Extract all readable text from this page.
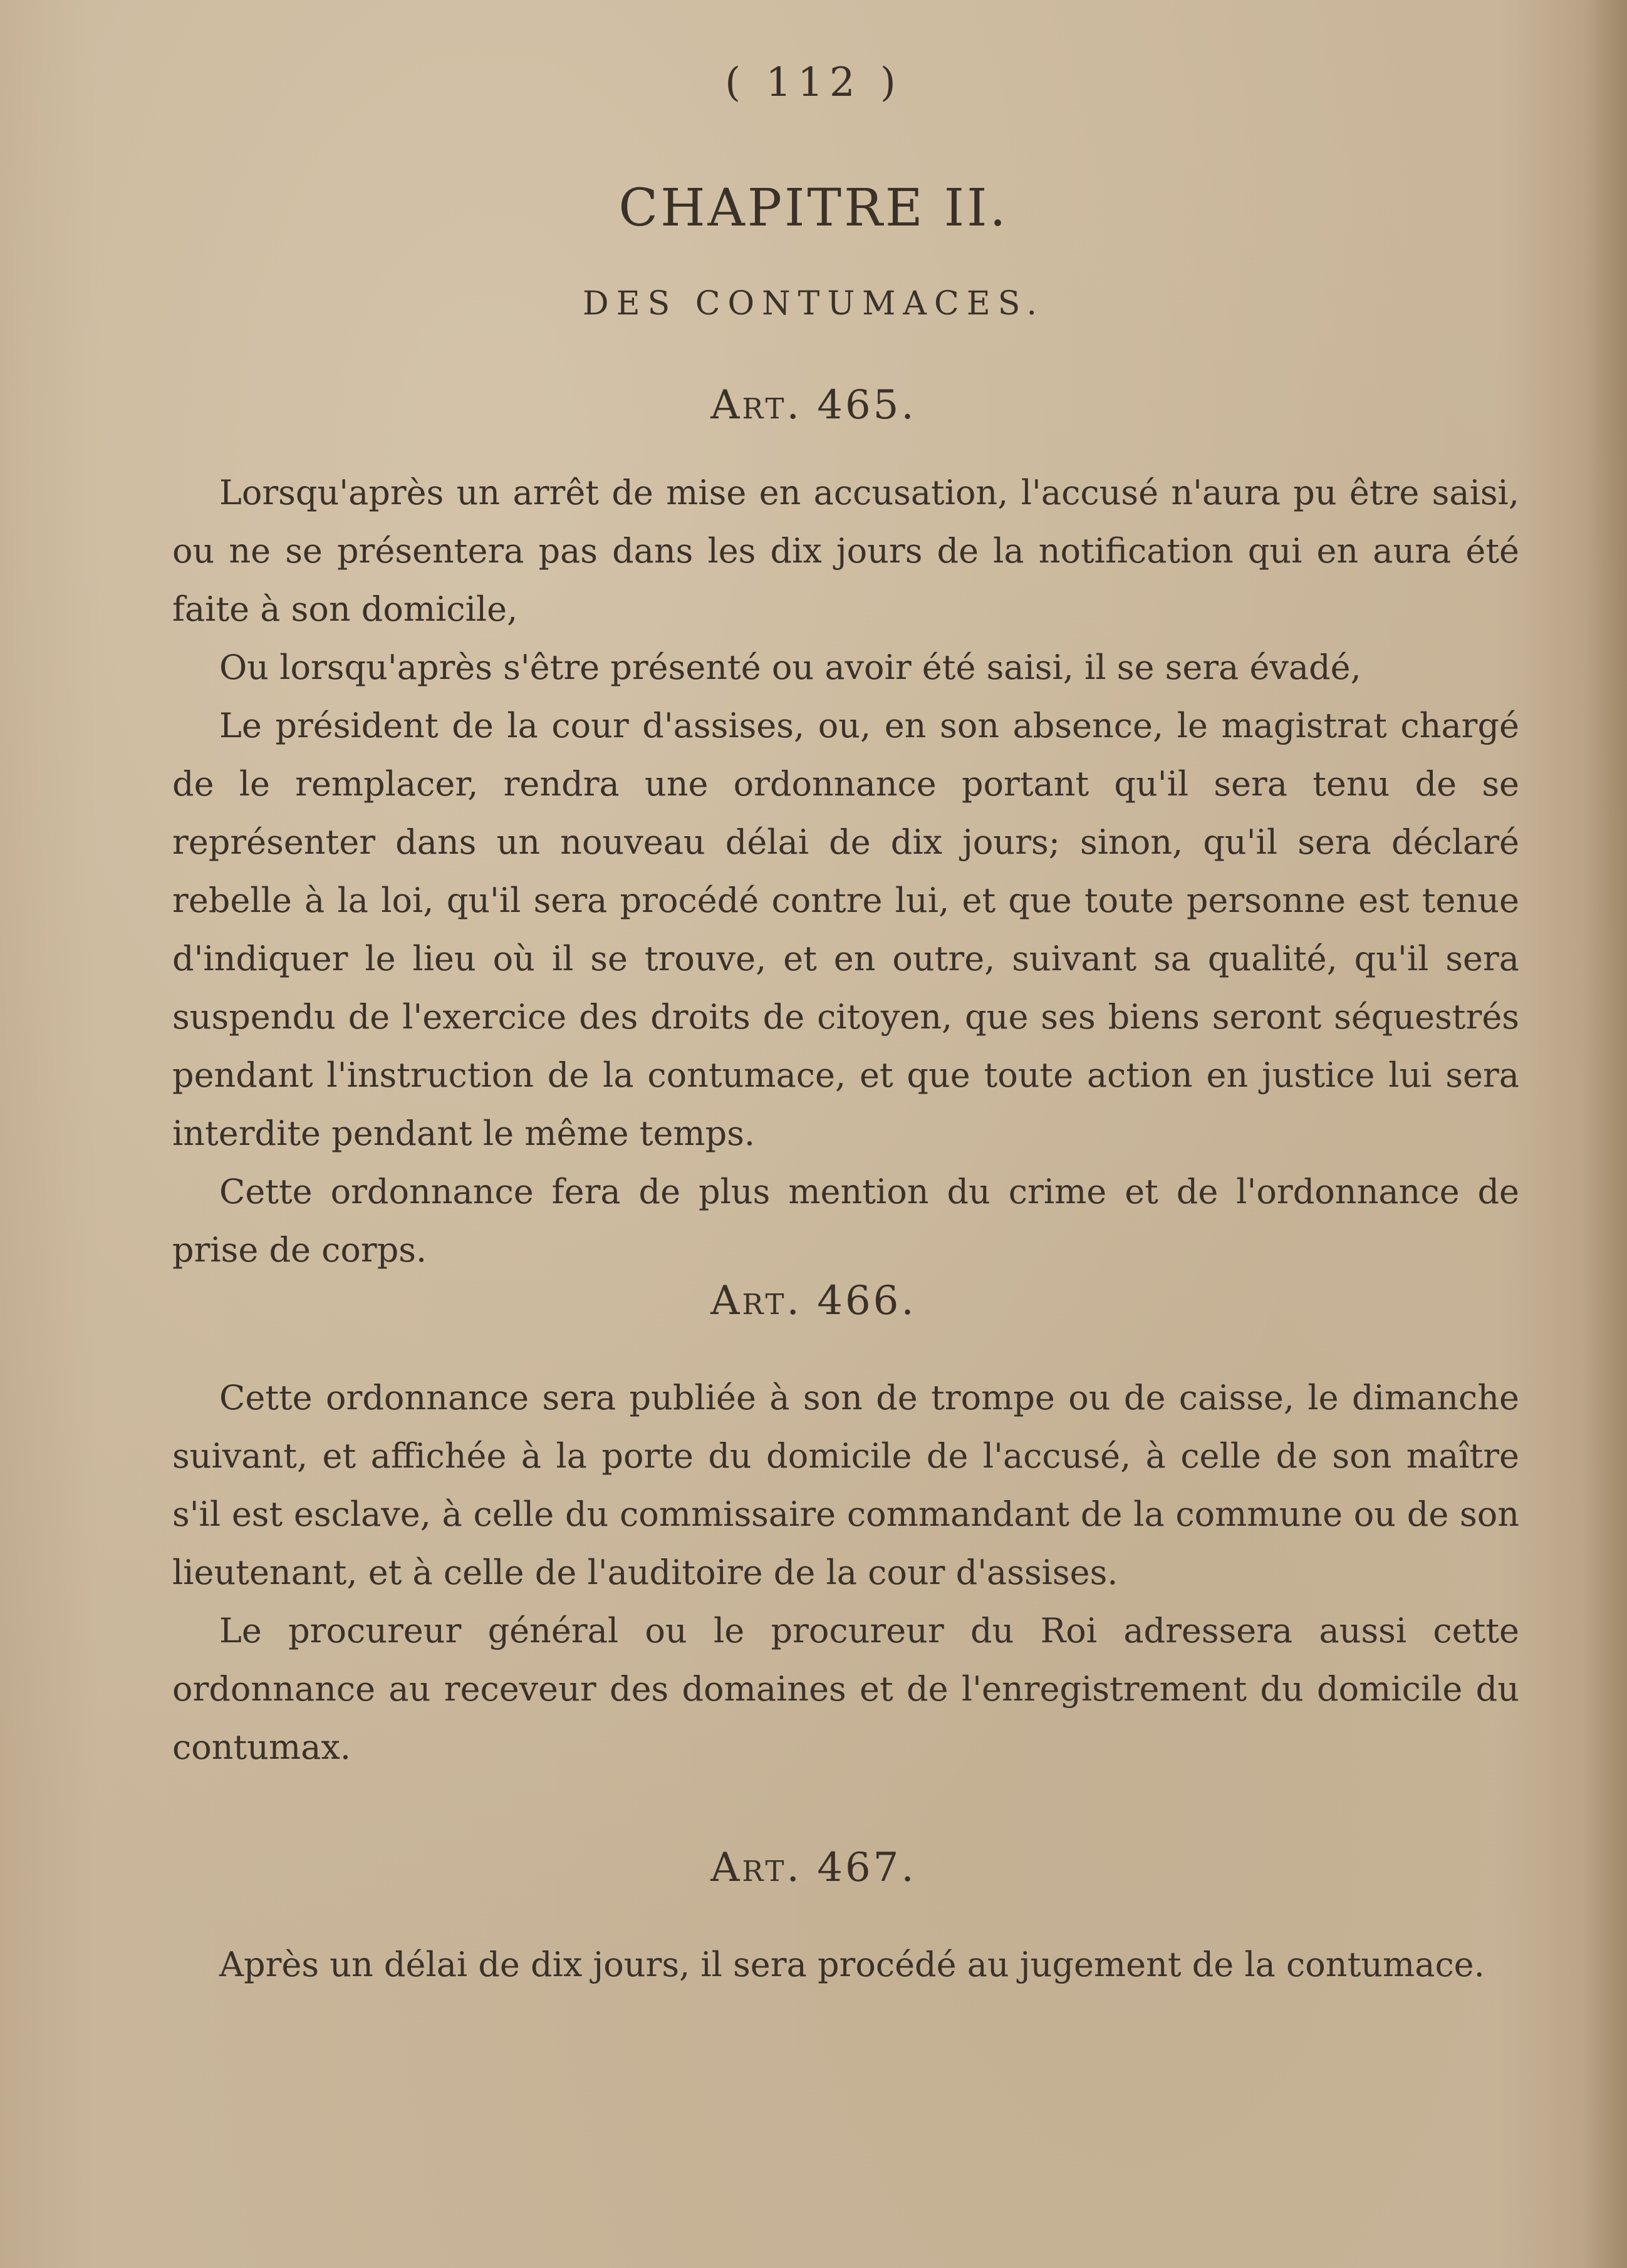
( 112 )
CHAPITRE II.
DES CONTUMACES.
Art. 465.

Lorsqu'après un arrêt de mise en accusation, l'accusé n'aura pu être saisi, ou ne se présentera pas dans les dix jours de la notification qui en aura été faite à son domicile,

Ou lorsqu'après s'être présenté ou avoir été saisi, il se sera évadé,

Le président de la cour d'assises, ou, en son absence, le magistrat chargé de le remplacer, rendra une ordonnance portant qu'il sera tenu de se représenter dans un nouveau délai de dix jours; sinon, qu'il sera déclaré rebelle à la loi, qu'il sera procédé contre lui, et que toute personne est tenue d'indiquer le lieu où il se trouve, et en outre, suivant sa qualité, qu'il sera suspendu de l'exercice des droits de citoyen, que ses biens seront séquestrés pendant l'instruction de la contumace, et que toute action en justice lui sera interdite pendant le même temps.

Cette ordonnance fera de plus mention du crime et de l'ordonnance de prise de corps.

Art. 466.

Cette ordonnance sera publiée à son de trompe ou de caisse, le dimanche suivant, et affichée à la porte du domicile de l'accusé, à celle de son maître s'il est esclave, à celle du commissaire commandant de la commune ou de son lieutenant, et à celle de l'auditoire de la cour d'assises.

Le procureur général ou le procureur du Roi adressera aussi cette ordonnance au receveur des domaines et de l'enregistrement du domicile du contumax.

Art. 467.

Après un délai de dix jours, il sera procédé au jugement de la contumace.
